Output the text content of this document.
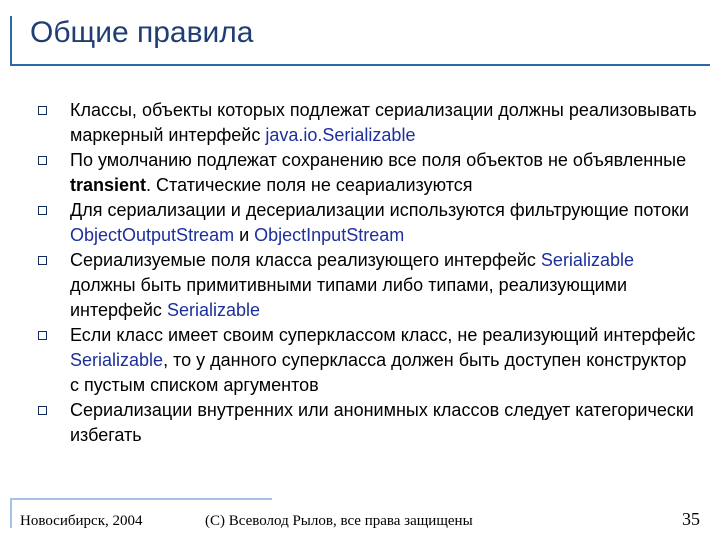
Общие правила
Классы, объекты которых подлежат сериализации должны реализовывать маркерный интерфейс java.io.Serializable
По умолчанию подлежат сохранению все поля объектов не объявленные transient. Статические поля не сеариализуются
Для сериализации и десериализации используются фильтрующие потоки ObjectOutputStream и ObjectInputStream
Сериализуемые поля класса реализующего интерфейс Serializable должны быть примитивными типами либо типами, реализующими интерфейс Serializable
Если класс имеет своим суперклассом класс, не реализующий интерфейс Serializable, то у данного суперкласса должен быть доступен конструктор с пустым списком аргументов
Сериализации внутренних или анонимных классов следует категорически избегать
Новосибирск, 2004	(С) Всеволод Рылов, все права защищены	35
